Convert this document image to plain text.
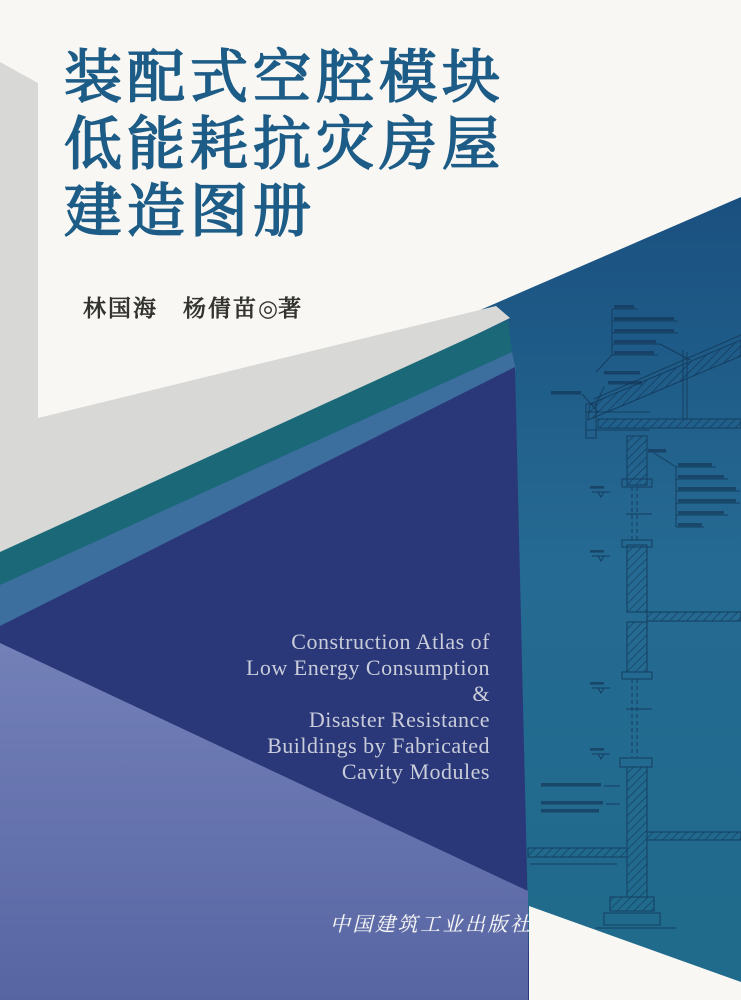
装配式空腔模块
低能耗抗灾房屋
建造图册
林国海　杨倩苗◎著
Construction Atlas of
Low Energy Consumption
&
Disaster Resistance
Buildings by Fabricated
Cavity Modules
中国建筑工业出版社
